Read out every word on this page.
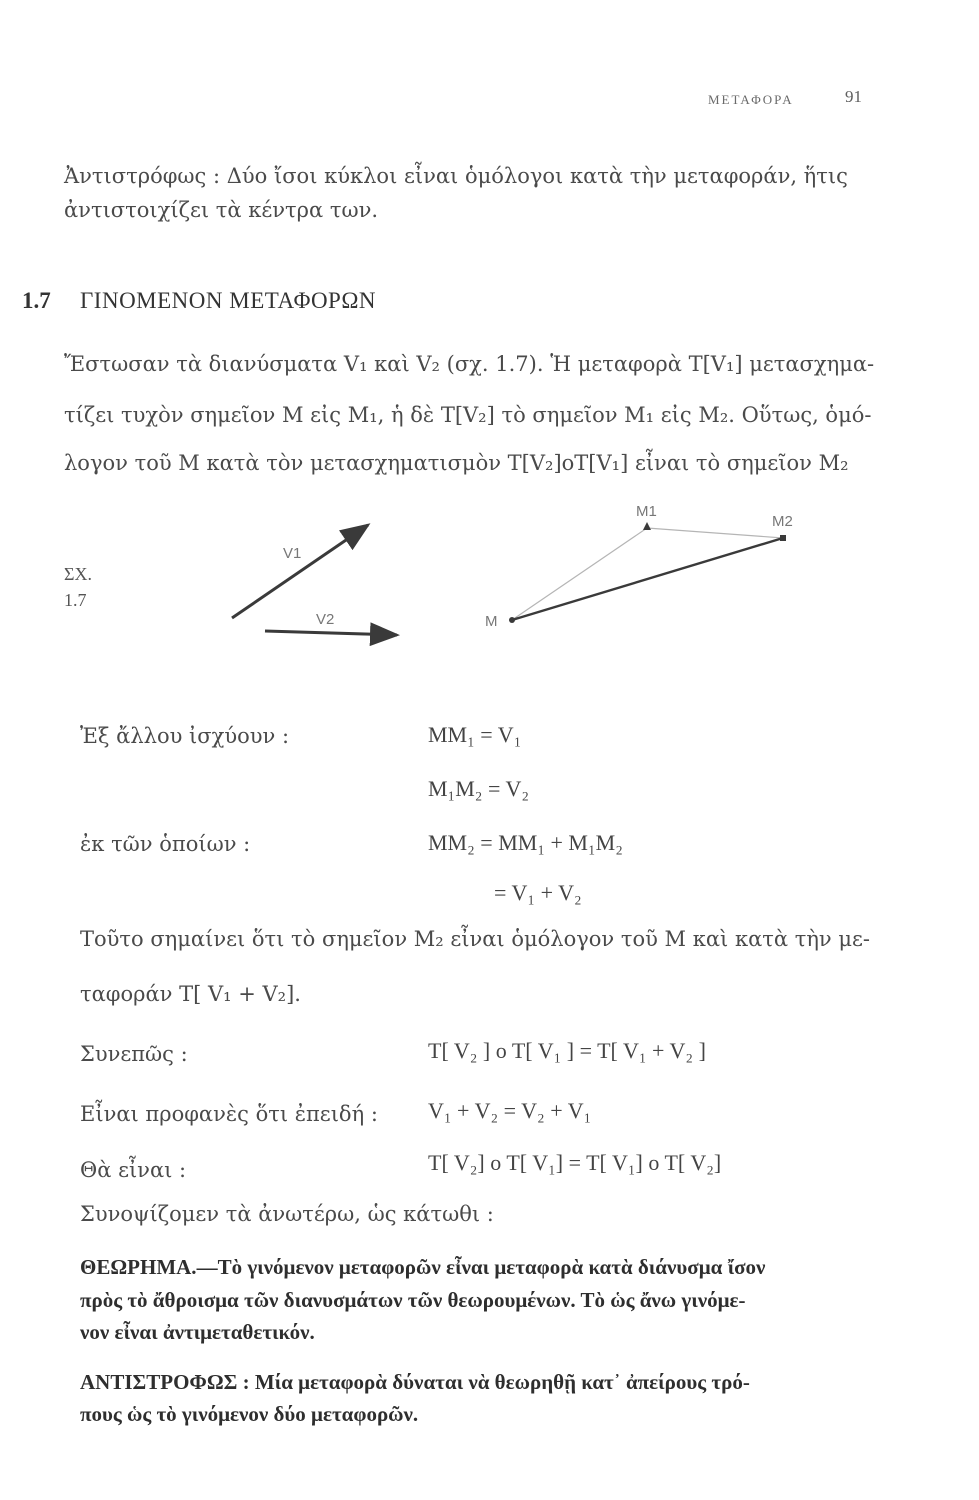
ΜΕΤΑΦΟΡΑ	91
Ἀντιστρόφως : Δύο ἴσοι κύκλοι εἶναι ὁμόλογοι κατὰ τὴν μεταφοράν, ἥτις
ἀντιστοιχίζει τὰ κέντρα των.
1.7 ΓΙΝΟΜΕΝΟΝ ΜΕΤΑΦΟΡΩΝ
Ἔστωσαν τὰ διανύσματα V₁ καὶ V₂ (σχ. 1.7). Ἡ μεταφορὰ T[V₁] μετασχημα-
τίζει τυχὸν σημεῖον M εἰς M₁, ἡ δὲ T[V₂] τὸ σημεῖον M₁ εἰς M₂. Οὕτως, ὁμό-
λογον τοῦ M κατὰ τὸν μετασχηματισμὸν T[V₂]oT[V₁] εἶναι τὸ σημεῖον M₂
ΣΧ.
1.7
V1
V2	M
M1
M2
Ἐξ ἄλλου ἰσχύουν :	MM₁ = V₁
M₁M₂ = V₂
ἐκ τῶν ὁποίων :	MM₂ = MM₁ + M₁M₂
= V₁ + V₂
Τοῦτο σημαίνει ὅτι τὸ σημεῖον M₂ εἶναι ὁμόλογον τοῦ M καὶ κατὰ τὴν με-
ταφοράν T[ V₁ + V₂].
Συνεπῶς :	T[ V₂ ] o T[ V₁ ] = T[ V₁ + V₂ ]
Εἶναι προφανὲς ὅτι ἐπειδή : V₁ + V₂ = V₂ + V₁
Θὰ εἶναι :	T[ V₂] o T[ V₁] = T[ V₁] o T[ V₂]
Συνοψίζομεν τὰ ἀνωτέρω, ὡς κάτωθι :
ΘΕΩΡΗΜΑ.—Τὸ γινόμενον μεταφορῶν εἶναι μεταφορὰ κατὰ διάνυσμα ἴσον
πρὸς τὸ ἄθροισμα τῶν διανυσμάτων τῶν θεωρουμένων. Τὸ ὡς ἄνω γινόμε-
νον εἶναι ἀντιμεταθετικόν.
ΑΝΤΙΣΤΡΟΦΩΣ : Μία μεταφορὰ δύναται νὰ θεωρηθῇ κατ᾽ ἀπείρους τρό-
πους ὡς τὸ γινόμενον δύο μεταφορῶν.
